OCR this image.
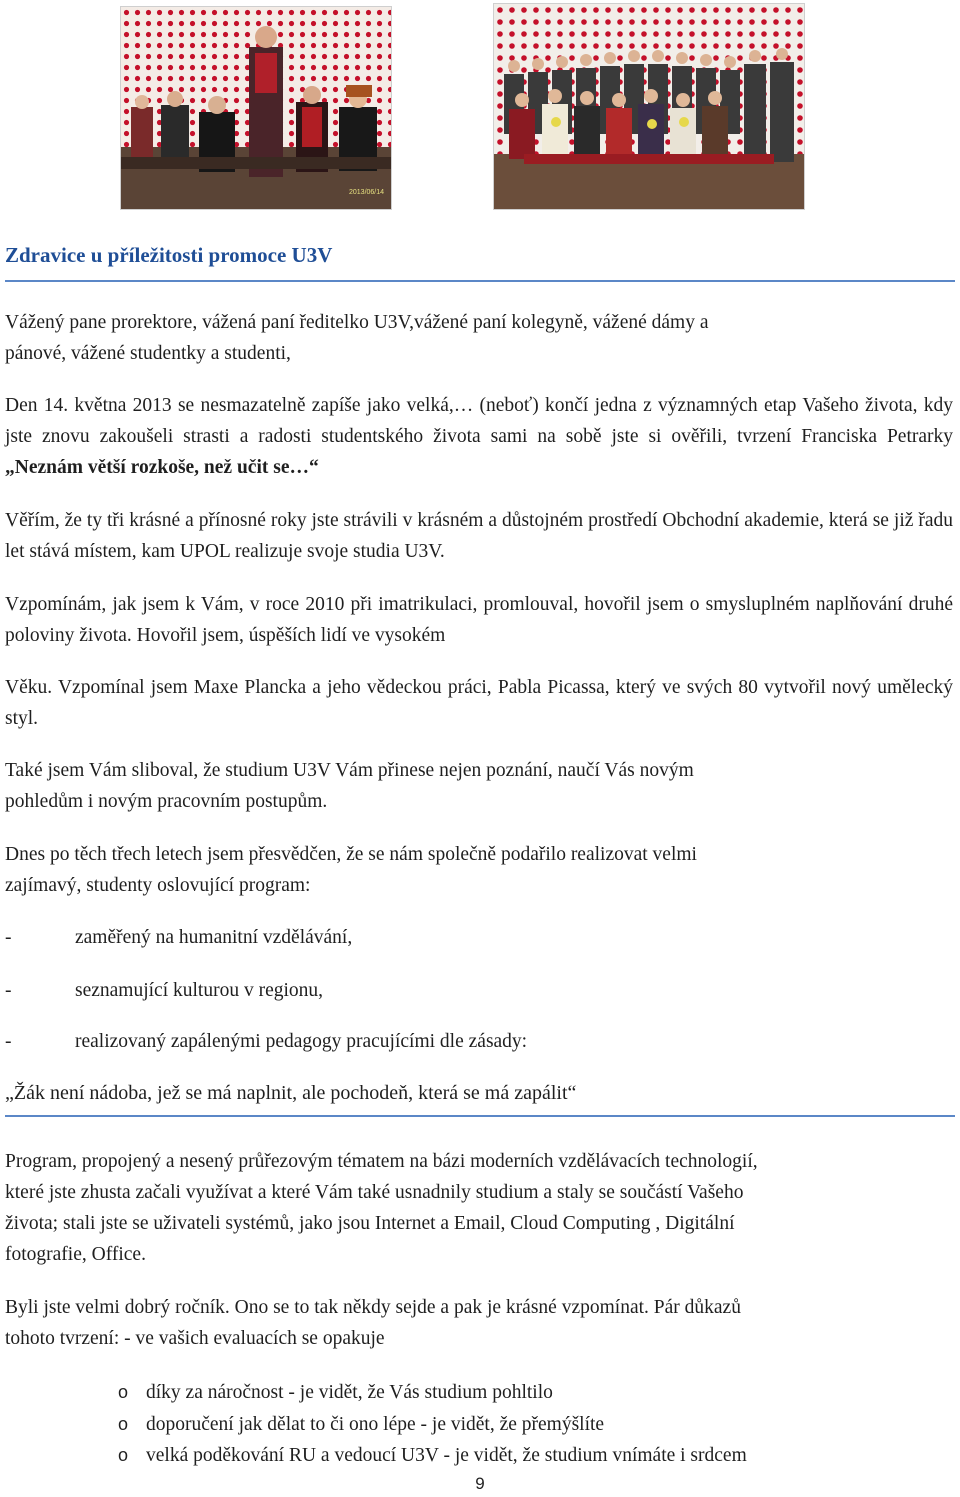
2013/06/14
Zdravice u příležitosti promoce U3V
Vážený pane prorektore, vážená paní ředitelko U3V,vážené paní kolegyně, vážené dámy a
pánové, vážené studentky a studenti,
Den 14. května 2013 se nesmazatelně zapíše jako velká,… (neboť) končí jedna z významných etap Vašeho života, kdy jste znovu zakoušeli strasti a radosti studentského života sami na sobě jste si ověřili, tvrzení Franciska Petrarky „Neznám větší rozkoše, než učit se…“
Věřím, že ty tři krásné a přínosné roky jste strávili v krásném a důstojném prostředí Obchodní akademie, která se již řadu let stává místem, kam UPOL realizuje svoje studia U3V.
Vzpomínám, jak jsem k Vám, v roce 2010 při imatrikulaci, promlouval, hovořil jsem o smysluplném naplňování druhé poloviny života. Hovořil jsem, úspěších lidí ve vysokém
Věku. Vzpomínal jsem Maxe Plancka a jeho vědeckou práci, Pabla Picassa, který ve svých 80 vytvořil nový umělecký styl.
Také jsem Vám sliboval, že studium U3V Vám přinese nejen poznání, naučí Vás novým
pohledům i novým pracovním postupům.
Dnes po těch třech letech jsem přesvědčen, že se nám společně podařilo realizovat velmi
zajímavý, studenty oslovující program:
-	zaměřený na humanitní vzdělávání,
-	seznamující kulturou v regionu,
-	realizovaný zapálenými pedagogy pracujícími dle zásady:
„Žák není nádoba, jež se má naplnit, ale pochodeň, která se má zapálit“
Program, propojený a nesený průřezovým tématem na bázi moderních vzdělávacích technologií,
které jste zhusta začali využívat a které Vám také usnadnily studium a staly se součástí Vašeho
života; stali jste se uživateli systémů, jako jsou Internet a Email, Cloud Computing , Digitální
fotografie, Office.
Byli jste velmi dobrý ročník. Ono se to tak někdy sejde a pak je krásné vzpomínat. Pár důkazů
tohoto tvrzení: - ve vašich evaluacích se opakuje
o díky za náročnost - je vidět, že Vás studium pohltilo
o doporučení jak dělat to či ono lépe - je vidět, že přemýšlíte
o velká poděkování RU a vedoucí U3V - je vidět, že studium vnímáte i srdcem
9
